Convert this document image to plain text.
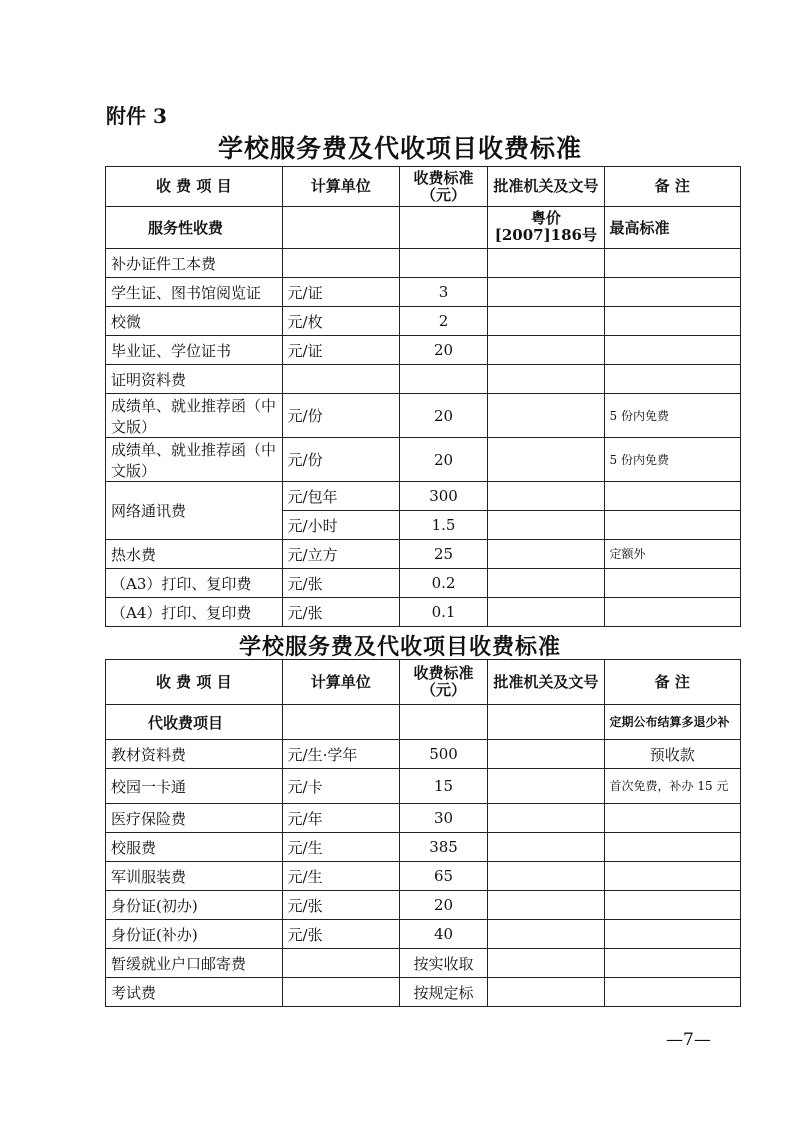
附件 3
学校服务费及代收项目收费标准
收 费 项 目	计算单位	收费标准（元）	批准机关及文号	备 注
服务性收费			粤价[2007]186号	最高标准
补办证件工本费				
学生证、图书馆阅览证	元/证	3		
校微	元/枚	2		
毕业证、学位证书	元/证	20		
证明资料费				
成绩单、就业推荐函（中文版）	元/份	20		5 份内免费
成绩单、就业推荐函（中文版）	元/份	20		5 份内免费
网络通讯费	元/包年	300		
	元/小时	1.5		
热水费	元/立方	25		定额外
（A3）打印、复印费	元/张	0.2		
（A4）打印、复印费	元/张	0.1		
学校服务费及代收项目收费标准
收 费 项 目	计算单位	收费标准（元）	批准机关及文号	备 注
代收费项目				定期公布结算多退少补
教材资料费	元/生·学年	500		预收款
校园一卡通	元/卡	15		首次免费，补办 15 元
医疗保险费	元/年	30		
校服费	元/生	385		
军训服装费	元/生	65		
身份证(初办)	元/张	20		
身份证(补办)	元/张	40		
暂缓就业户口邮寄费		按实收取		
考试费		按规定标		
—7—
